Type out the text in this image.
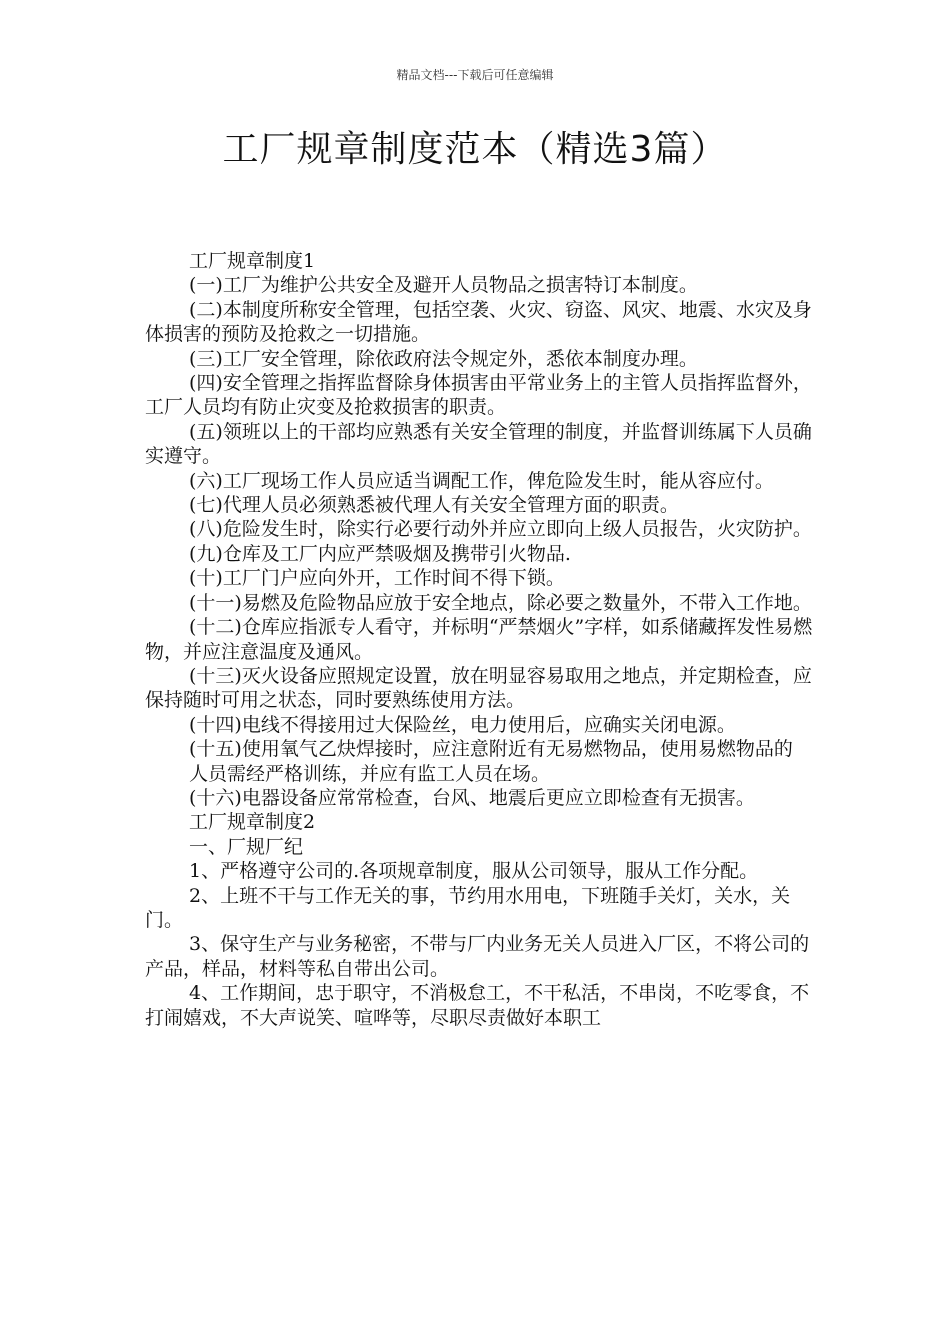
精品文档---下载后可任意编辑
工厂规章制度范本（精选3篇）

工厂规章制度1

(一)工厂为维护公共安全及避开人员物品之损害特订本制度。

(二)本制度所称安全管理，包括空袭、火灾、窃盗、风灾、地震、水灾及身体损害的预防及抢救之一切措施。

(三)工厂安全管理，除依政府法令规定外，悉依本制度办理。

(四)安全管理之指挥监督除身体损害由平常业务上的主管人员指挥监督外，工厂人员均有防止灾变及抢救损害的职责。

(五)领班以上的干部均应熟悉有关安全管理的制度，并监督训练属下人员确实遵守。

(六)工厂现场工作人员应适当调配工作，俾危险发生时，能从容应付。

(七)代理人员必须熟悉被代理人有关安全管理方面的职责。

(八)危险发生时，除实行必要行动外并应立即向上级人员报告，火灾防护。

(九)仓库及工厂内应严禁吸烟及携带引火物品.

(十)工厂门户应向外开，工作时间不得下锁。

(十一)易燃及危险物品应放于安全地点，除必要之数量外，不带入工作地。

(十二)仓库应指派专人看守，并标明“严禁烟火”字样，如系储藏挥发性易燃物，并应注意温度及通风。

(十三)灭火设备应照规定设置，放在明显容易取用之地点，并定期检查，应保持随时可用之状态，同时要熟练使用方法。

(十四)电线不得接用过大保险丝，电力使用后，应确实关闭电源。

(十五)使用氧气乙炔焊接时，应注意附近有无易燃物品，使用易燃物品的

人员需经严格训练，并应有监工人员在场。

(十六)电器设备应常常检查，台风、地震后更应立即检查有无损害。

工厂规章制度2

一、厂规厂纪

1、严格遵守公司的.各项规章制度，服从公司领导，服从工作分配。

2、上班不干与工作无关的事，节约用水用电，下班随手关灯，关水，关门。

3、保守生产与业务秘密，不带与厂内业务无关人员进入厂区，不将公司的产品，样品，材料等私自带出公司。

4、工作期间，忠于职守，不消极怠工，不干私活，不串岗，不吃零食，不打闹嬉戏，不大声说笑、喧哗等，尽职尽责做好本职工
